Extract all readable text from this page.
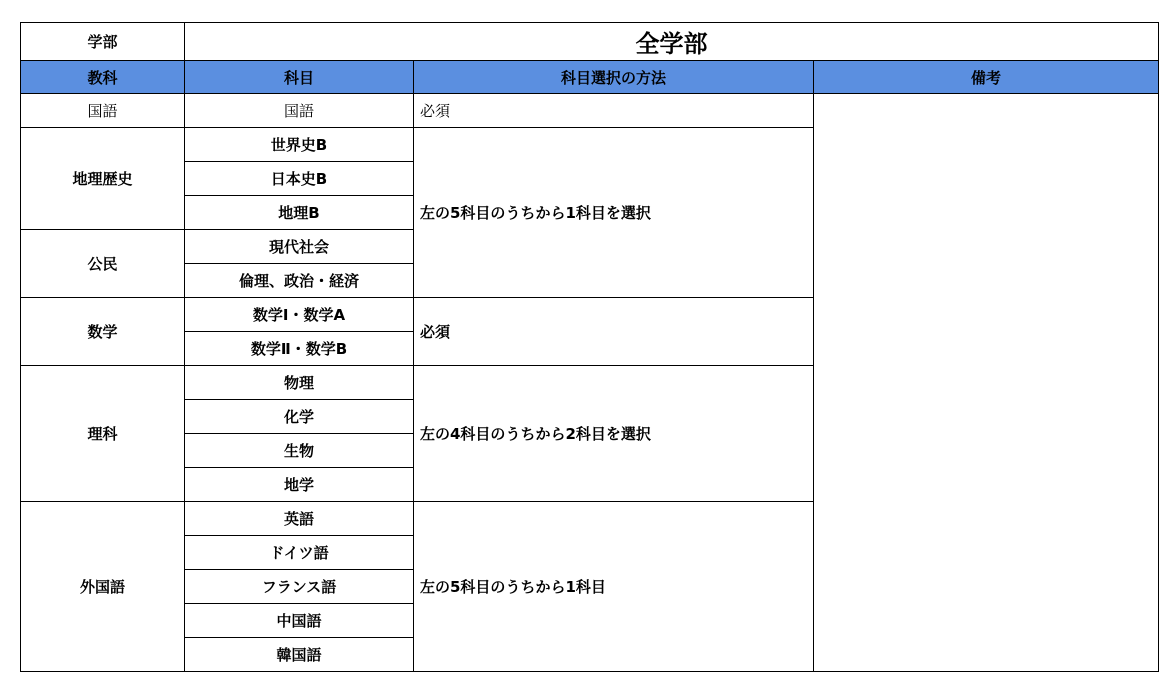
学部	全学部		
教科	科目	科目選択の方法	備考
国語	国語	必須	
地理歴史	世界史B	左の5科目のうちから1科目を選択	
	日本史B		
	地理B		
公民	現代社会		
	倫理、政治・経済		
数学	数学Ⅰ・数学A	必須	
	数学Ⅱ・数学B		
理科	物理	左の4科目のうちから2科目を選択	
	化学		
	生物		
	地学		
外国語	英語	左の5科目のうちから1科目	
	ドイツ語		
	フランス語		
	中国語		
	韓国語		
